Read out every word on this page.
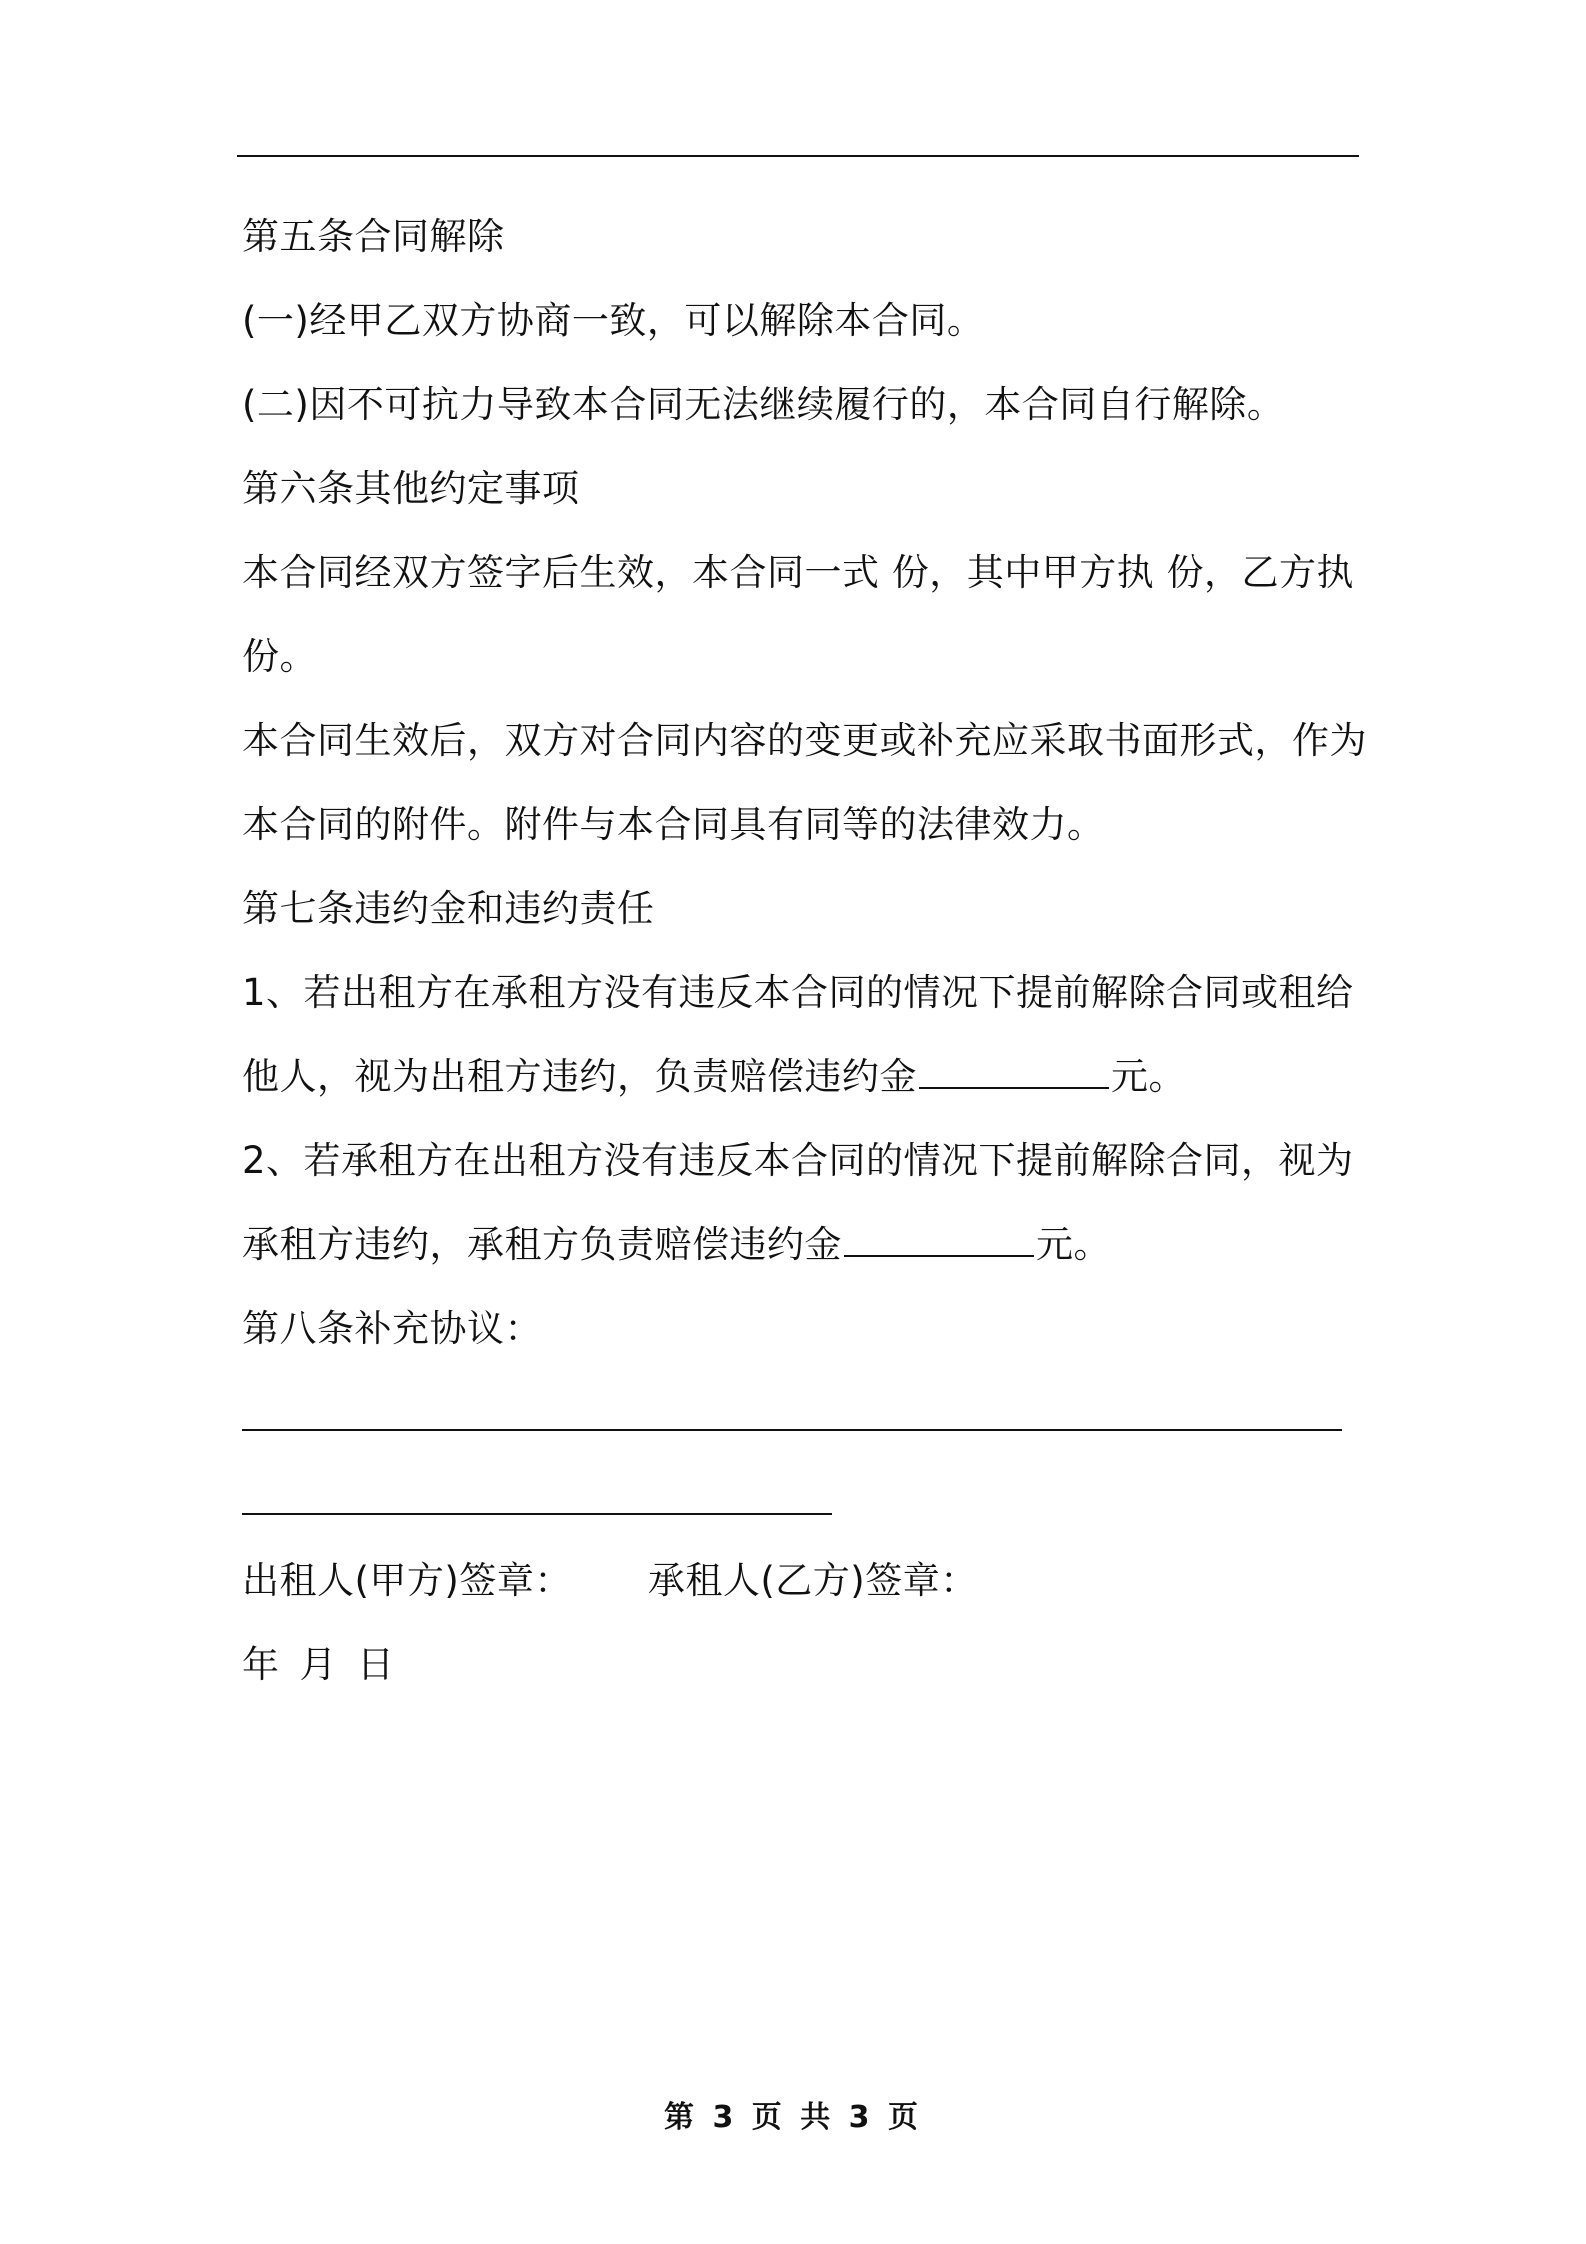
第五条合同解除
(一)经甲乙双方协商一致，可以解除本合同。
(二)因不可抗力导致本合同无法继续履行的，本合同自行解除。
第六条其他约定事项
本合同经双方签字后生效，本合同一式 份，其中甲方执 份，乙方执
份。
本合同生效后，双方对合同内容的变更或补充应采取书面形式，作为
本合同的附件。附件与本合同具有同等的法律效力。
第七条违约金和违约责任
1、若出租方在承租方没有违反本合同的情况下提前解除合同或租给
他人，视为出租方违约，负责赔偿违约金	元。
2、若承租方在出租方没有违反本合同的情况下提前解除合同，视为
承租方违约，承租方负责赔偿违约金	元。
第八条补充协议：
出租人(甲方)签章： 承租人(乙方)签章：
年 月 日
第 3 页 共 3 页
